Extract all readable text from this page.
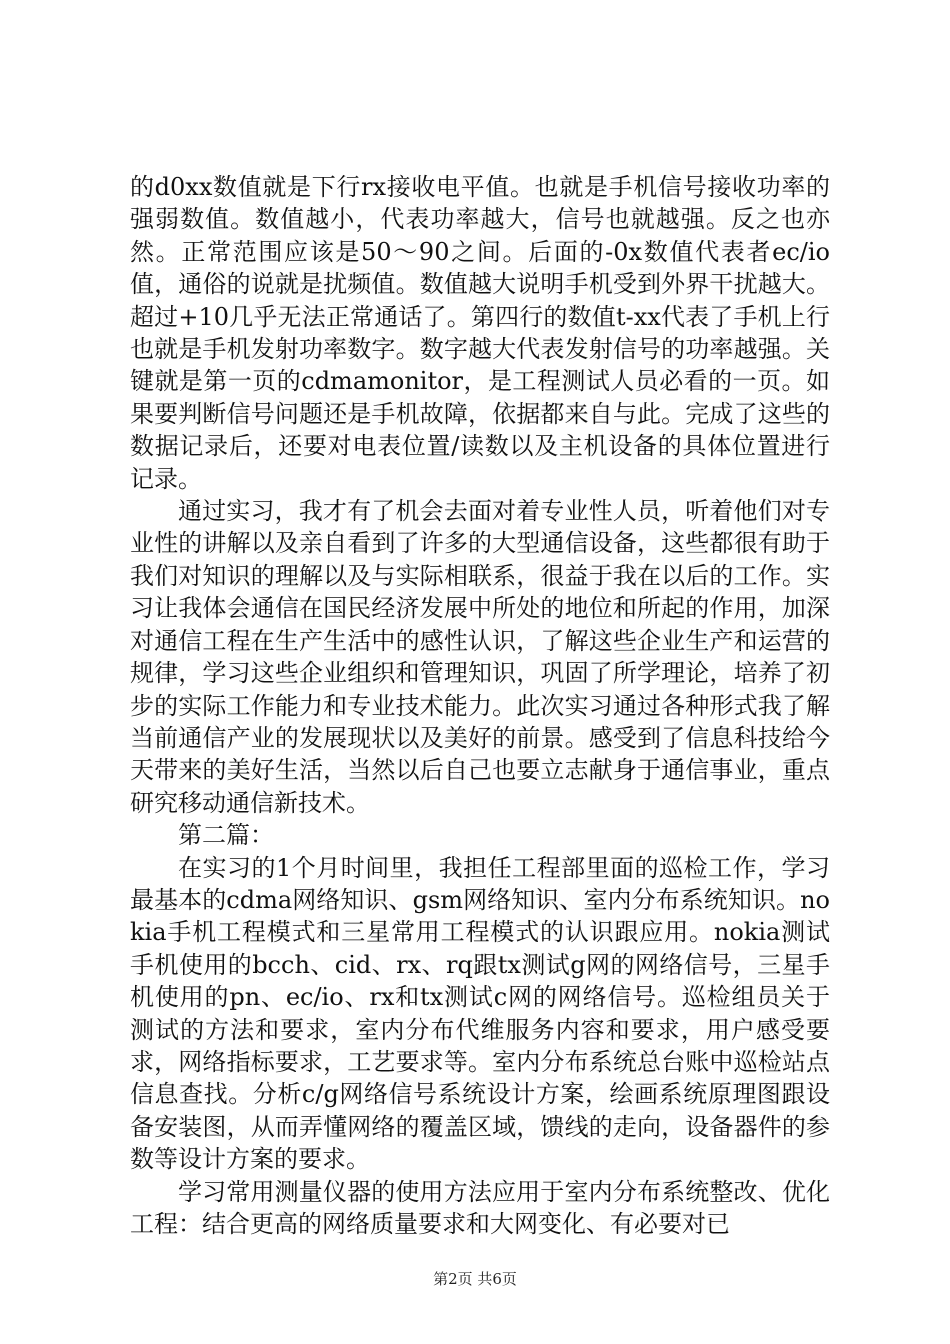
的d0xx数值就是下行rx接收电平值。也就是手机信号接收功率的强弱数值。数值越小，代表功率越大，信号也就越强。反之也亦然。正常范围应该是50～90之间。后面的-0x数值代表者ec/io值，通俗的说就是扰频值。数值越大说明手机受到外界干扰越大。超过+10几乎无法正常通话了。第四行的数值t-xx代表了手机上行也就是手机发射功率数字。数字越大代表发射信号的功率越强。关键就是第一页的cdmamonitor，是工程测试人员必看的一页。如果要判断信号问题还是手机故障，依据都来自与此。完成了这些的数据记录后，还要对电表位置/读数以及主机设备的具体位置进行记录。

通过实习，我才有了机会去面对着专业性人员，听着他们对专业性的讲解以及亲自看到了许多的大型通信设备，这些都很有助于我们对知识的理解以及与实际相联系，很益于我在以后的工作。实习让我体会通信在国民经济发展中所处的地位和所起的作用，加深对通信工程在生产生活中的感性认识，了解这些企业生产和运营的规律，学习这些企业组织和管理知识，巩固了所学理论，培养了初步的实际工作能力和专业技术能力。此次实习通过各种形式我了解当前通信产业的发展现状以及美好的前景。感受到了信息科技给今天带来的美好生活，当然以后自己也要立志献身于通信事业，重点研究移动通信新技术。

第二篇：

在实习的1个月时间里，我担任工程部里面的巡检工作，学习最基本的cdma网络知识、gsm网络知识、室内分布系统知识。nokia手机工程模式和三星常用工程模式的认识跟应用。nokia测试手机使用的bcch、cid、rx、rq跟tx测试g网的网络信号，三星手机使用的pn、ec/io、rx和tx测试c网的网络信号。巡检组员关于测试的方法和要求，室内分布代维服务内容和要求，用户感受要求，网络指标要求，工艺要求等。室内分布系统总台账中巡检站点信息查找。分析c/g网络信号系统设计方案，绘画系统原理图跟设备安装图，从而弄懂网络的覆盖区域，馈线的走向，设备器件的参数等设计方案的要求。

学习常用测量仪器的使用方法应用于室内分布系统整改、优化工程：结合更高的网络质量要求和大网变化、有必要对已

第2页 共6页
